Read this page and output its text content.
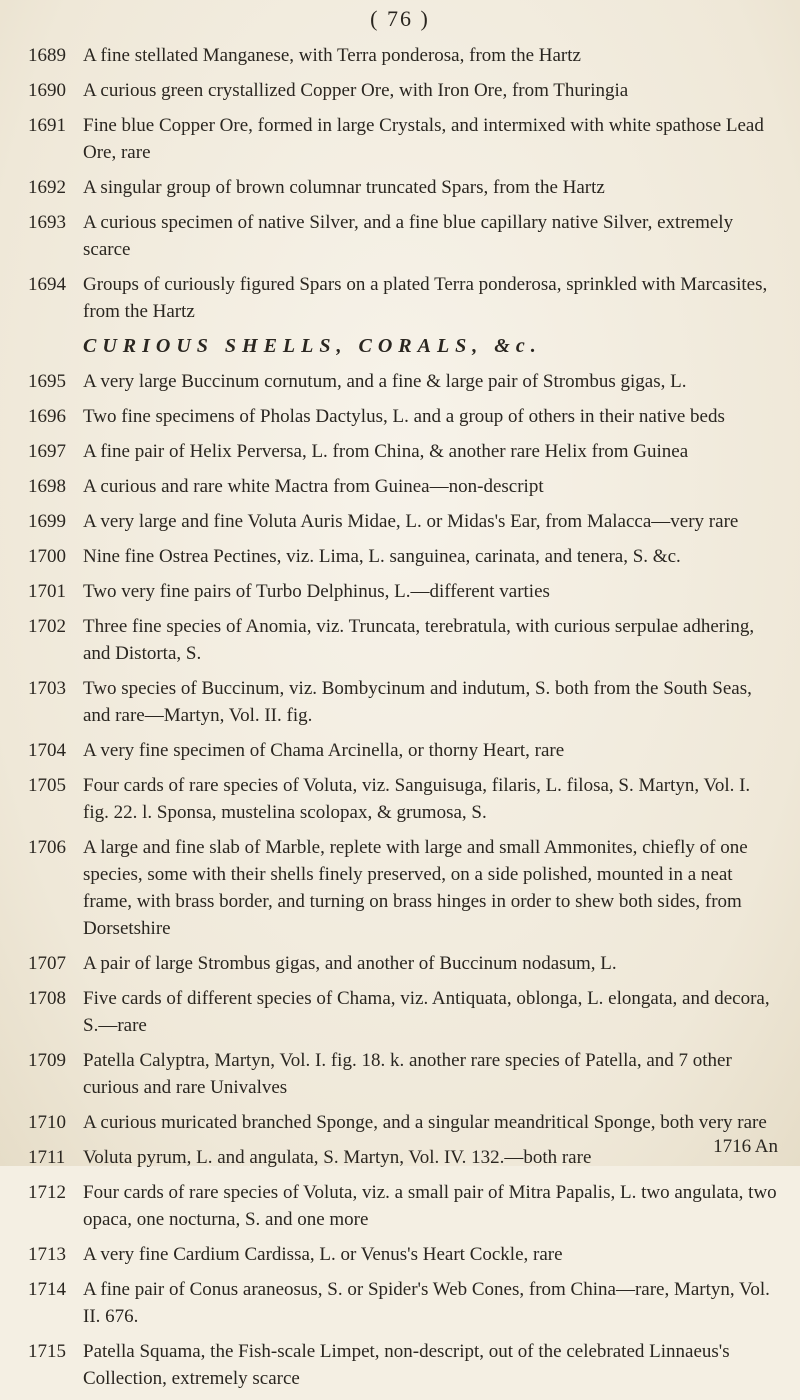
( 76 )
1689 A fine stellated Manganese, with Terra ponderosa, from the Hartz
1690 A curious green crystallized Copper Ore, with Iron Ore, from Thuringia
1691 Fine blue Copper Ore, formed in large Crystals, and intermixed with white spathose Lead Ore, rare
1692 A singular group of brown columnar truncated Spars, from the Hartz
1693 A curious specimen of native Silver, and a fine blue capillary native Silver, extremely scarce
1694 Groups of curiously figured Spars on a plated Terra ponderosa, sprinkled with Marcasites, from the Hartz
CURIOUS SHELLS, CORALS, &c.
1695 A very large Buccinum cornutum, and a fine & large pair of Strombus gigas, L.
1696 Two fine specimens of Pholas Dactylus, L. and a group of others in their native beds
1697 A fine pair of Helix Perversa, L. from China, & another rare Helix from Guinea
1698 A curious and rare white Mactra from Guinea—non-descript
1699 A very large and fine Voluta Auris Midae, L. or Midas's Ear, from Malacca—very rare
1700 Nine fine Ostrea Pectines, viz. Lima, L. sanguinea, carinata, and tenera, S. &c.
1701 Two very fine pairs of Turbo Delphinus, L.—different varties
1702 Three fine species of Anomia, viz. Truncata, terebratula, with curious serpulae adhering, and Distorta, S.
1703 Two species of Buccinum, viz. Bombycinum and indutum, S. both from the South Seas, and rare—Martyn, Vol. II. fig.
1704 A very fine specimen of Chama Arcinella, or thorny Heart, rare
1705 Four cards of rare species of Voluta, viz. Sanguisuga, filaris, L. filosa, S. Martyn, Vol. I. fig. 22. l. Sponsa, mustelina scolopax, & grumosa, S.
1706 A large and fine slab of Marble, replete with large and small Ammonites, chiefly of one species, some with their shells finely preserved, on a side polished, mounted in a neat frame, with brass border, and turning on brass hinges in order to shew both sides, from Dorsetshire
1707 A pair of large Strombus gigas, and another of Buccinum nodasum, L.
1708 Five cards of different species of Chama, viz. Antiquata, oblonga, L. elongata, and decora, S.—rare
1709 Patella Calyptra, Martyn, Vol. I. fig. 18. k. another rare species of Patella, and 7 other curious and rare Univalves
1710 A curious muricated branched Sponge, and a singular meandritical Sponge, both very rare
1711 Voluta pyrum, L. and angulata, S. Martyn, Vol. IV. 132.—both rare
1712 Four cards of rare species of Voluta, viz. a small pair of Mitra Papalis, L. two angulata, two opaca, one nocturna, S. and one more
1713 A very fine Cardium Cardissa, L. or Venus's Heart Cockle, rare
1714 A fine pair of Conus araneosus, S. or Spider's Web Cones, from China—rare, Martyn, Vol. II. 676.
1715 Patella Squama, the Fish-scale Limpet, non-descript, out of the celebrated Linnaeus's Collection, extremely scarce
1716 An
